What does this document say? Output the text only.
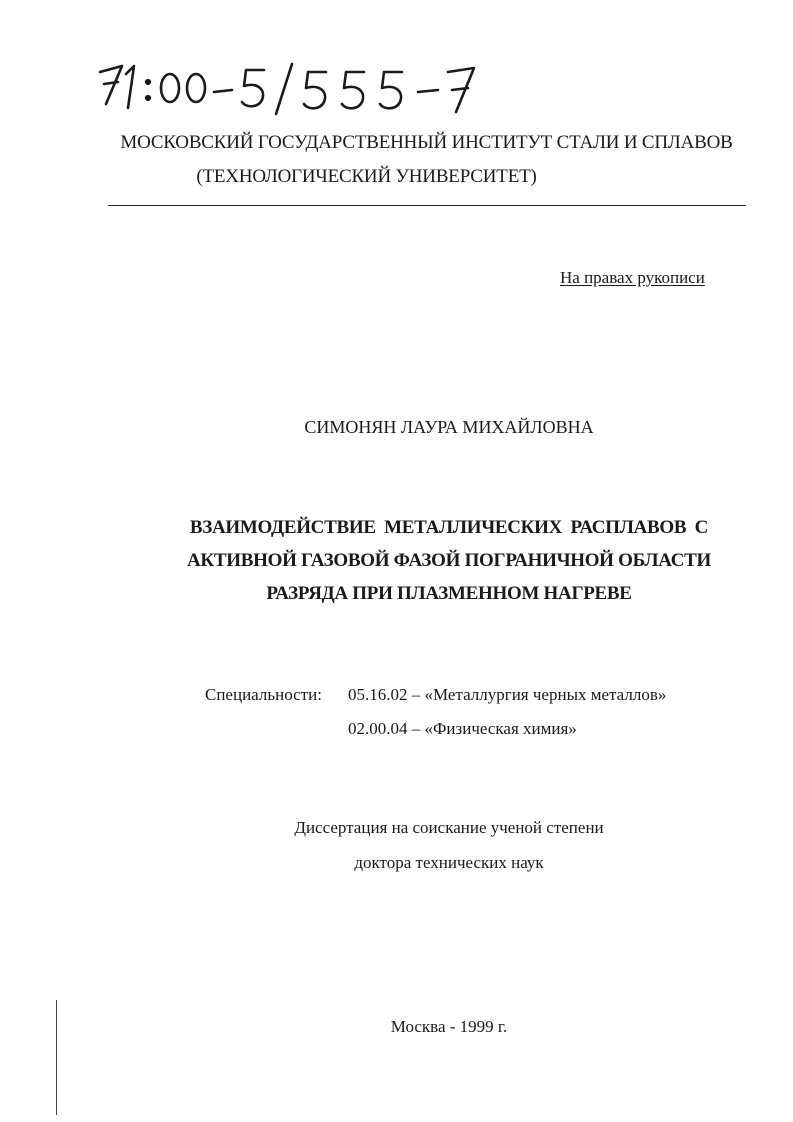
МОСКОВСКИЙ ГОСУДАРСТВЕННЫЙ ИНСТИТУТ СТАЛИ И СПЛАВОВ
(ТЕХНОЛОГИЧЕСКИЙ УНИВЕРСИТЕТ)
На правах рукописи
СИМОНЯН ЛАУРА МИХАЙЛОВНА
ВЗАИМОДЕЙСТВИЕ МЕТАЛЛИЧЕСКИХ РАСПЛАВОВ С
АКТИВНОЙ ГАЗОВОЙ ФАЗОЙ ПОГРАНИЧНОЙ ОБЛАСТИ
РАЗРЯДА ПРИ ПЛАЗМЕННОМ НАГРЕВЕ
Специальности: 05.16.02 – «Металлургия черных металлов»
02.00.04 – «Физическая химия»
Диссертация на соискание ученой степени
доктора технических наук
Москва - 1999 г.
